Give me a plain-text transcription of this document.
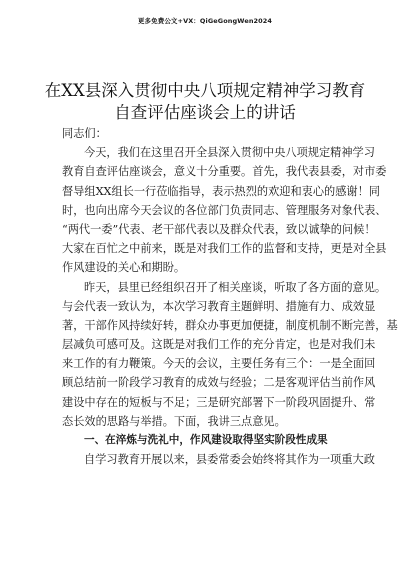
更多免费公文+VX：QiGeGongWen2024
在XX县深入贯彻中央八项规定精神学习教育
自查评估座谈会上的讲话
同志们：
今天，我们在这里召开全县深入贯彻中央八项规定精神学习
教育自查评估座谈会，意义十分重要。首先，我代表县委，对市委
督导组XX组长一行莅临指导，表示热烈的欢迎和衷心的感谢！同
时，也向出席今天会议的各位部门负责同志、管理服务对象代表、
“两代一委”代表、老干部代表以及群众代表，致以诚挚的问候！
大家在百忙之中前来，既是对我们工作的监督和支持，更是对全县
作风建设的关心和期盼。
昨天，县里已经组织召开了相关座谈，听取了各方面的意见。
与会代表一致认为，本次学习教育主题鲜明、措施有力、成效显
著，干部作风持续好转，群众办事更加便捷，制度机制不断完善，基
层减负可感可及。这既是对我们工作的充分肯定，也是对我们未
来工作的有力鞭策。今天的会议，主要任务有三个：一是全面回
顾总结前一阶段学习教育的成效与经验；二是客观评估当前作风
建设中存在的短板与不足；三是研究部署下一阶段巩固提升、常
态长效的思路与举措。下面，我讲三点意见。
一、在淬炼与洗礼中，作风建设取得坚实阶段性成果
自学习教育开展以来，县委常委会始终将其作为一项重大政
